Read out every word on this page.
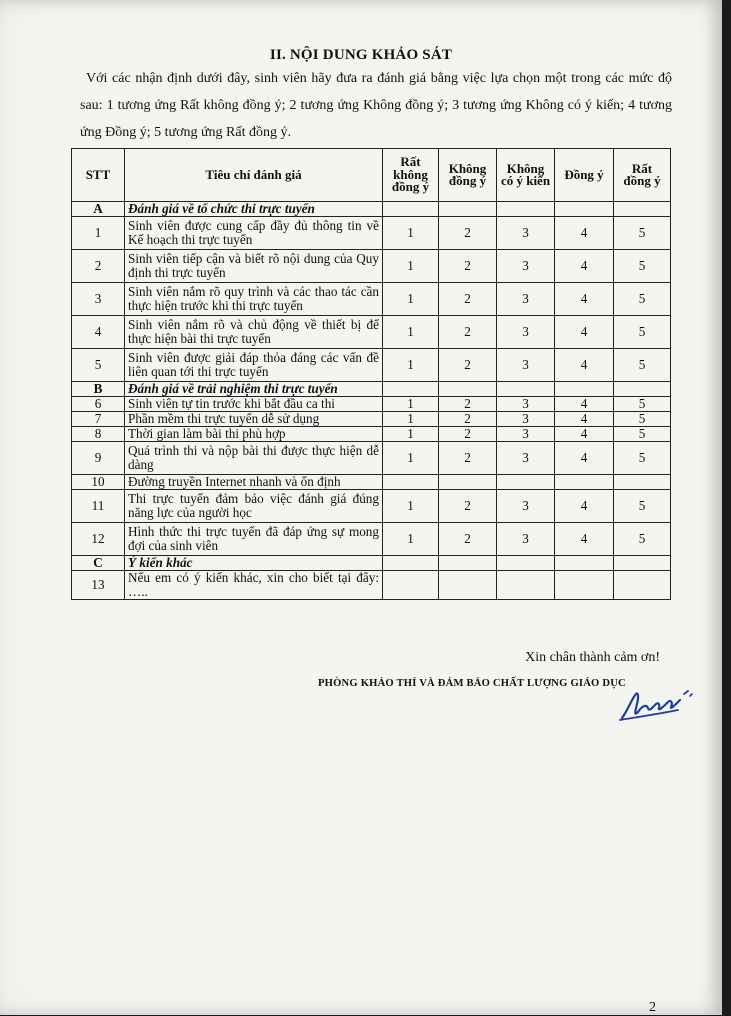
II. NỘI DUNG KHẢO SÁT

Với các nhận định dưới đây, sinh viên hãy đưa ra đánh giá bằng việc lựa chọn một trong các mức độ sau: 1 tương ứng Rất không đồng ý; 2 tương ứng Không đồng ý; 3 tương ứng Không có ý kiến; 4 tương ứng Đồng ý; 5 tương ứng Rất đồng ý.

STT	Tiêu chí đánh giá	Rất không đồng ý	Không đồng ý	Không có ý kiến	Đồng ý	Rất đồng ý
A	Đánh giá về tổ chức thi trực tuyến					
1	Sinh viên được cung cấp đầy đủ thông tin về Kế hoạch thi trực tuyến	1	2	3	4	5
2	Sinh viên tiếp cận và biết rõ nội dung của Quy định thi trực tuyến	1	2	3	4	5
3	Sinh viên nắm rõ quy trình và các thao tác cần thực hiện trước khi thi trực tuyến	1	2	3	4	5
4	Sinh viên nắm rõ và chủ động về thiết bị để thực hiện bài thi trực tuyến	1	2	3	4	5
5	Sinh viên được giải đáp thỏa đáng các vấn đề liên quan tới thi trực tuyến	1	2	3	4	5
B	Đánh giá về trải nghiệm thi trực tuyến					
6	Sinh viên tự tin trước khi bắt đầu ca thi	1	2	3	4	5
7	Phần mềm thi trực tuyến dễ sử dụng	1	2	3	4	5
8	Thời gian làm bài thi phù hợp	1	2	3	4	5
9	Quá trình thi và nộp bài thi được thực hiện dễ dàng	1	2	3	4	5
10	Đường truyền Internet nhanh và ổn định					
11	Thi trực tuyến đảm bảo việc đánh giá đúng năng lực của người học	1	2	3	4	5
12	Hình thức thi trực tuyến đã đáp ứng sự mong đợi của sinh viên	1	2	3	4	5
C	Ý kiến khác					
13	Nếu em có ý kiến khác, xin cho biết tại đây: …..					
Xin chân thành cảm ơn!
PHÒNG KHẢO THÍ VÀ ĐẢM BẢO CHẤT LƯỢNG GIÁO DỤC
2
